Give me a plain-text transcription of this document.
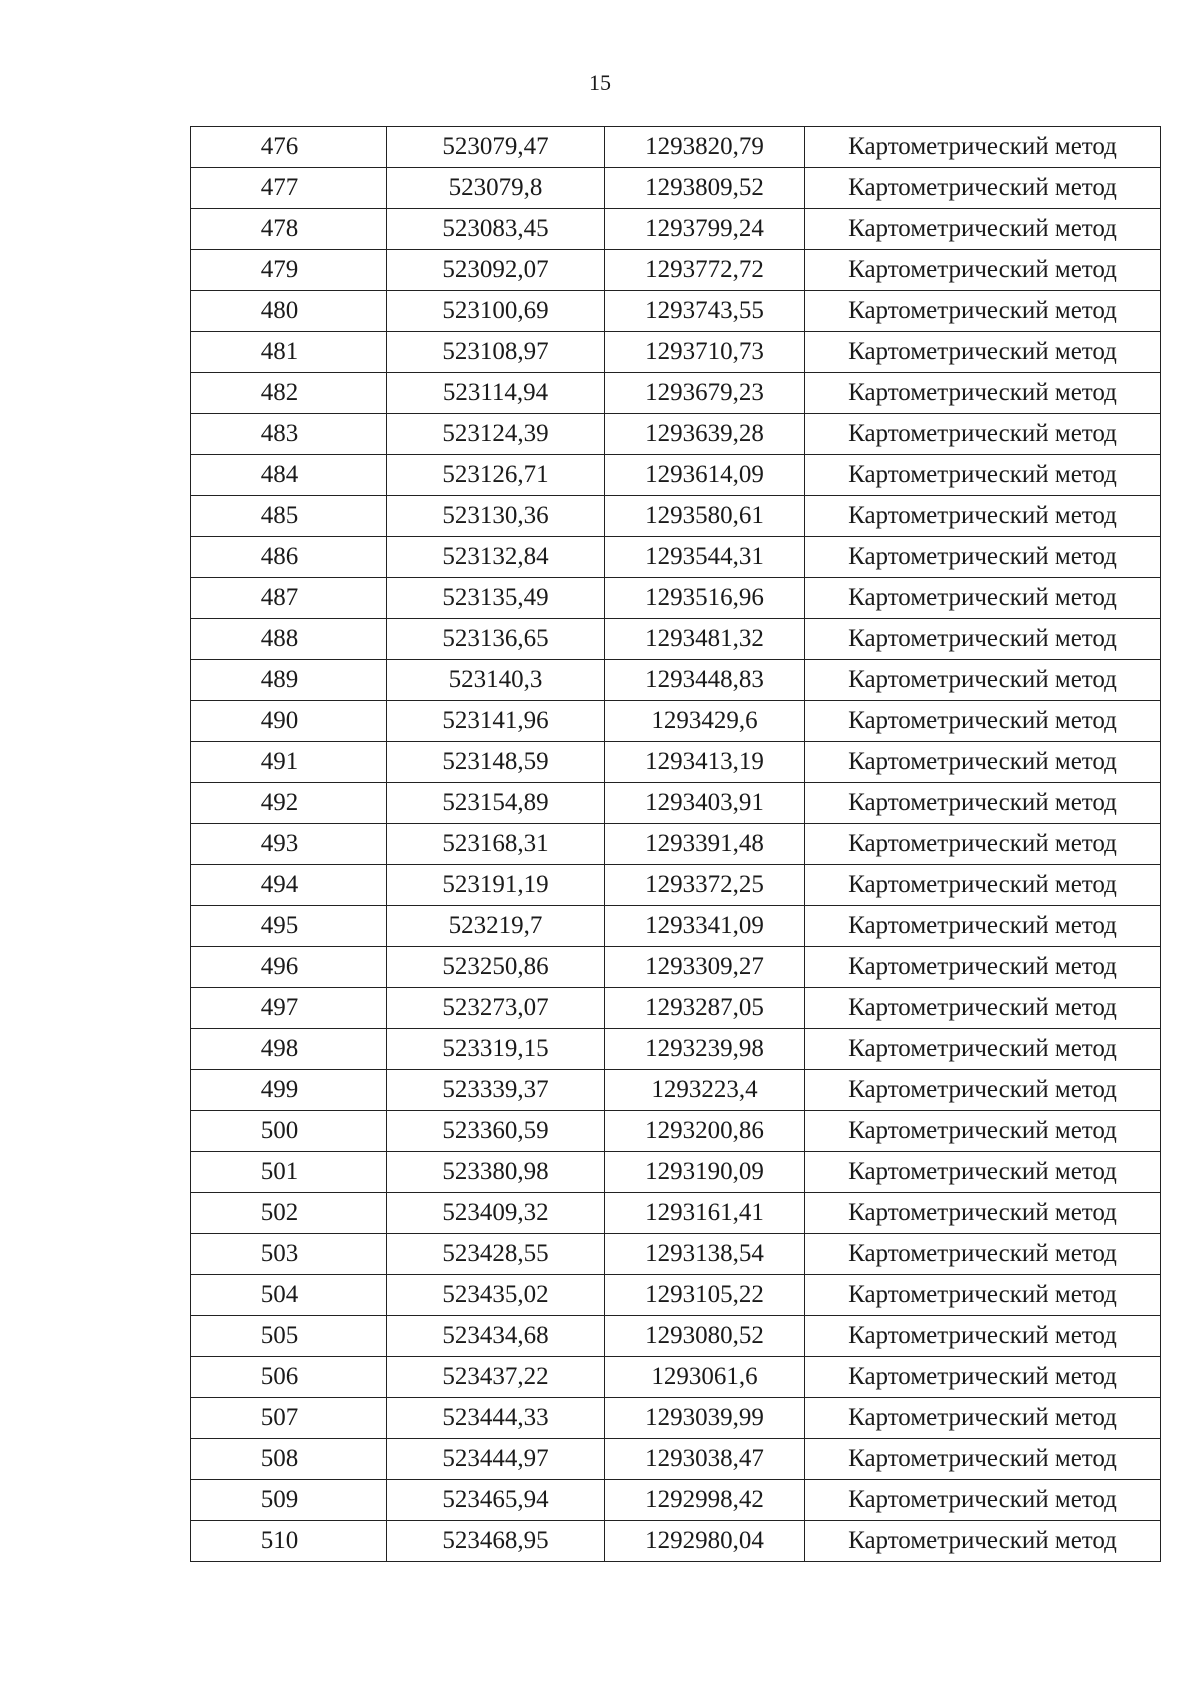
15
476	523079,47	1293820,79	Картометрический метод
477	523079,8	1293809,52	Картометрический метод
478	523083,45	1293799,24	Картометрический метод
479	523092,07	1293772,72	Картометрический метод
480	523100,69	1293743,55	Картометрический метод
481	523108,97	1293710,73	Картометрический метод
482	523114,94	1293679,23	Картометрический метод
483	523124,39	1293639,28	Картометрический метод
484	523126,71	1293614,09	Картометрический метод
485	523130,36	1293580,61	Картометрический метод
486	523132,84	1293544,31	Картометрический метод
487	523135,49	1293516,96	Картометрический метод
488	523136,65	1293481,32	Картометрический метод
489	523140,3	1293448,83	Картометрический метод
490	523141,96	1293429,6	Картометрический метод
491	523148,59	1293413,19	Картометрический метод
492	523154,89	1293403,91	Картометрический метод
493	523168,31	1293391,48	Картометрический метод
494	523191,19	1293372,25	Картометрический метод
495	523219,7	1293341,09	Картометрический метод
496	523250,86	1293309,27	Картометрический метод
497	523273,07	1293287,05	Картометрический метод
498	523319,15	1293239,98	Картометрический метод
499	523339,37	1293223,4	Картометрический метод
500	523360,59	1293200,86	Картометрический метод
501	523380,98	1293190,09	Картометрический метод
502	523409,32	1293161,41	Картометрический метод
503	523428,55	1293138,54	Картометрический метод
504	523435,02	1293105,22	Картометрический метод
505	523434,68	1293080,52	Картометрический метод
506	523437,22	1293061,6	Картометрический метод
507	523444,33	1293039,99	Картометрический метод
508	523444,97	1293038,47	Картометрический метод
509	523465,94	1292998,42	Картометрический метод
510	523468,95	1292980,04	Картометрический метод
